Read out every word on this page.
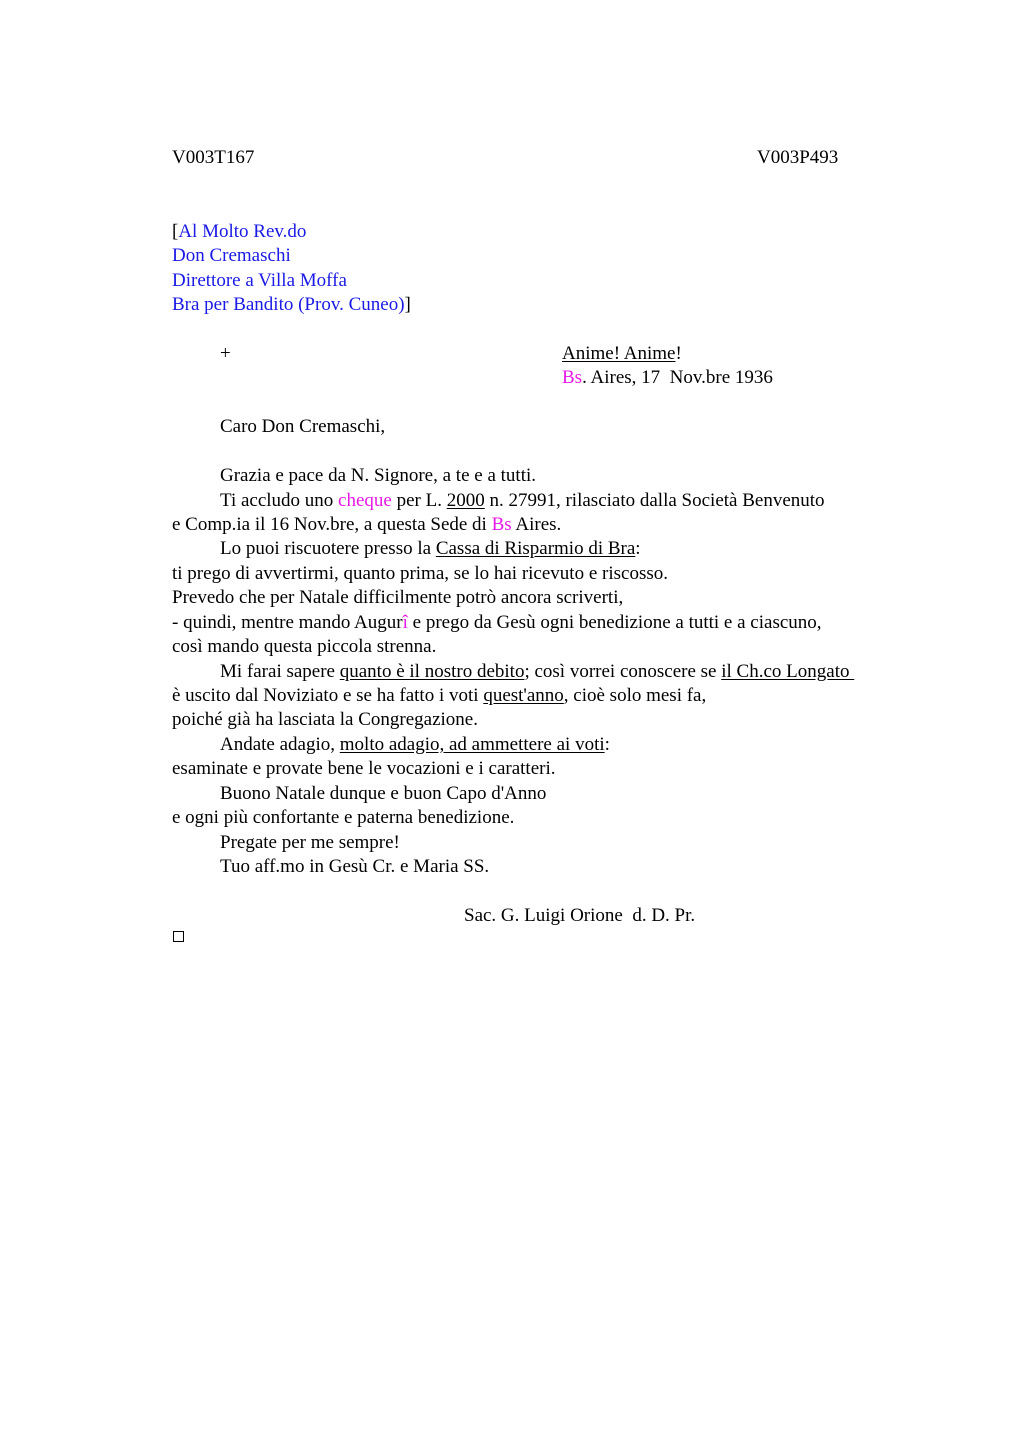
V003T167	V003P493
[Al Molto Rev.do
Don Cremaschi
Direttore a Villa Moffa
Bra per Bandito (Prov. Cuneo)]
+	Anime! Anime!
Bs. Aires, 17  Nov.bre 1936
Caro Don Cremaschi,
Grazia e pace da N. Signore, a te e a tutti.
Ti accludo uno cheque per L. 2000 n. 27991, rilasciato dalla Società Benvenuto
e Comp.ia il 16 Nov.bre, a questa Sede di Bs Aires.
Lo puoi riscuotere presso la Cassa di Risparmio di Bra:
ti prego di avvertirmi, quanto prima, se lo hai ricevuto e riscosso.
Prevedo che per Natale difficilmente potrò ancora scriverti,
- quindi, mentre mando Augurî e prego da Gesù ogni benedizione a tutti e a ciascuno,
così mando questa piccola strenna.
Mi farai sapere quanto è il nostro debito; così vorrei conoscere se il Ch.co Longato
è uscito dal Noviziato e se ha fatto i voti quest'anno, cioè solo mesi fa,
poiché già ha lasciata la Congregazione.
Andate adagio, molto adagio, ad ammettere ai voti:
esaminate e provate bene le vocazioni e i caratteri.
Buono Natale dunque e buon Capo d'Anno
e ogni più confortante e paterna benedizione.
Pregate per me sempre!
Tuo aff.mo in Gesù Cr. e Maria SS.
Sac. G. Luigi Orione  d. D. Pr.
